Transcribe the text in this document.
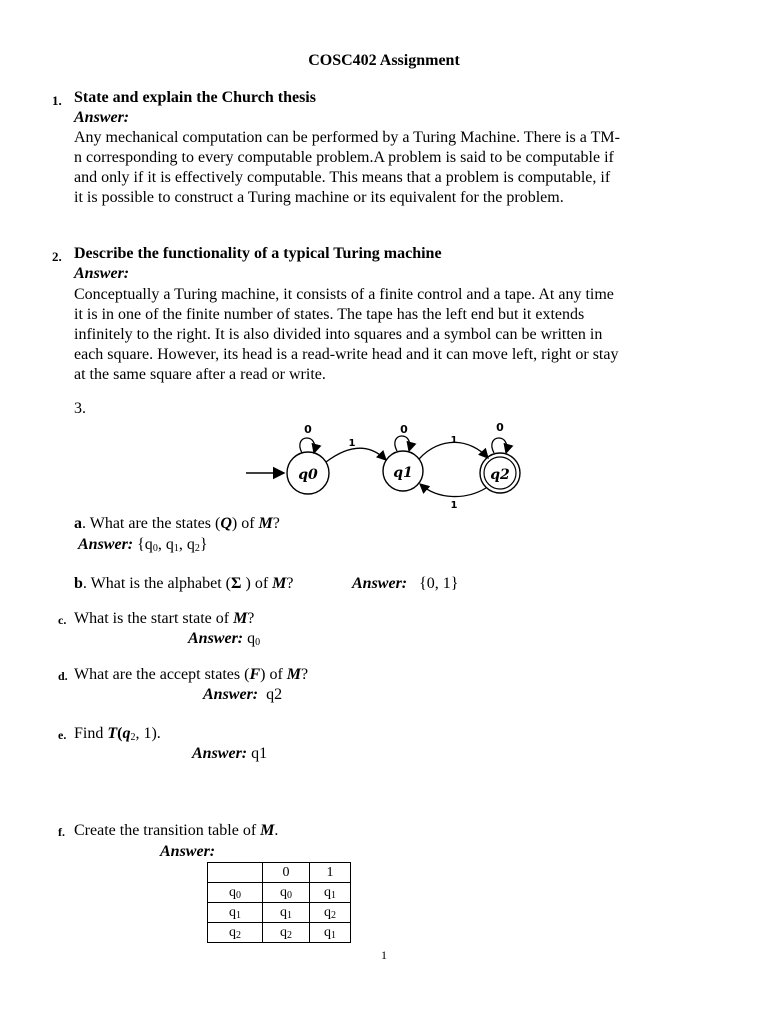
COSC402 Assignment
1. State and explain the Church thesis
Answer:
Any mechanical computation can be performed by a Turing Machine. There is a TM-
n corresponding to every computable problem.A problem is said to be computable if
and only if it is effectively computable. This means that a problem is computable, if
it is possible to construct a Turing machine or its equivalent for the problem.
2. Describe the functionality of a typical Turing machine
Answer:
Conceptually a Turing machine, it consists of a finite control and a tape. At any time
it is in one of the finite number of states. The tape has the left end but it extends
infinitely to the right. It is also divided into squares and a symbol can be written in
each square. However, its head is a read-write head and it can move left, right or stay
at the same square after a read or write.
3.
0	0	0
1	1
1
q0	q1	q2
a. What are the states (Q) of M?
Answer: {$q_0$, $q_1$, $q_2$}
b. What is the alphabet (Σ ) of M?	Answer: {0, 1}
c. What is the start state of M?
Answer: $q_0$
d. What are the accept states (F) of M?
Answer: q2
e. Find $T(q_2$, 1).
Answer: q1
f. Create the transition table of M.
Answer:
	0	1
$q_0$	$q_0$	$q_1$
$q_1$	$q_1$	$q_2$
$q_2$	$q_2$	$q_1$
1
